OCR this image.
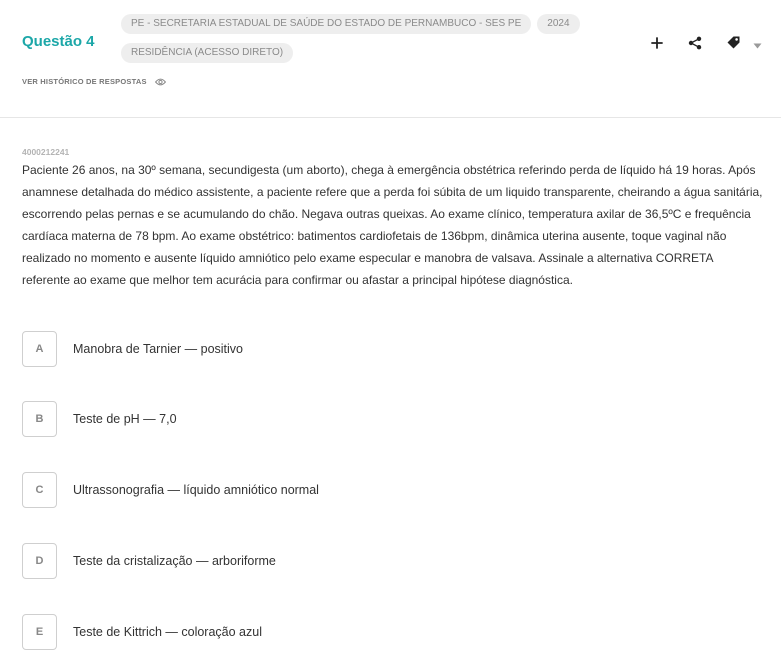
Questão 4
PE - SECRETARIA ESTADUAL DE SAÚDE DO ESTADO DE PERNAMBUCO - SES PE	2024
RESIDÊNCIA (ACESSO DIRETO)
VER HISTÓRICO DE RESPOSTAS
4000212241
Paciente 26 anos, na 30º semana, secundigesta (um aborto), chega à emergência obstétrica referindo perda de líquido há 19 horas. Após anamnese detalhada do médico assistente, a paciente refere que a perda foi súbita de um liquido transparente, cheirando a água sanitária, escorrendo pelas pernas e se acumulando do chão. Negava outras queixas. Ao exame clínico, temperatura axilar de 36,5ºC e frequência cardíaca materna de 78 bpm. Ao exame obstétrico: batimentos cardiofetais de 136bpm, dinâmica uterina ausente, toque vaginal não realizado no momento e ausente líquido amniótico pelo exame especular e manobra de valsava. Assinale a alternativa CORRETA referente ao exame que melhor tem acurácia para confirmar ou afastar a principal hipótese diagnóstica.
A	Manobra de Tarnier — positivo
B	Teste de pH — 7,0
C	Ultrassonografia — líquido amniótico normal
D	Teste da cristalização — arboriforme
E	Teste de Kittrich — coloração azul
